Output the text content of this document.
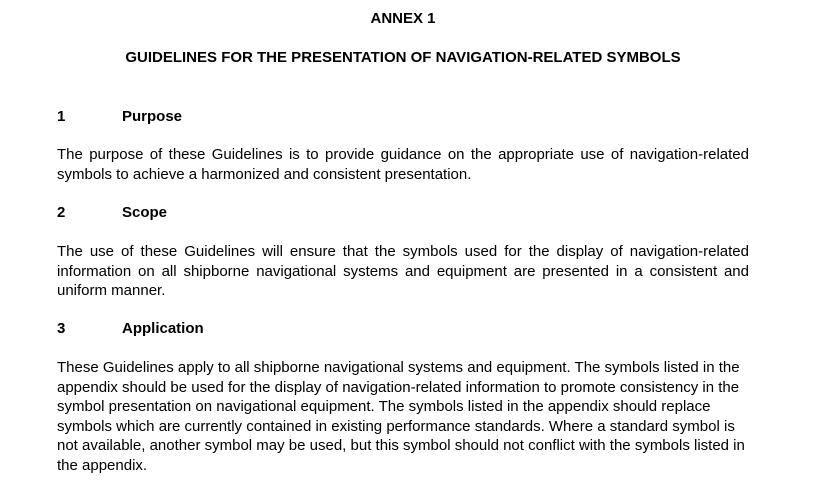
ANNEX 1
GUIDELINES FOR THE PRESENTATION OF NAVIGATION-RELATED SYMBOLS
1	Purpose
The purpose of these Guidelines is to provide guidance on the appropriate use of navigation-related symbols to achieve a harmonized and consistent presentation.
2	Scope
The use of these Guidelines will ensure that the symbols used for the display of navigation-related information on all shipborne navigational systems and equipment are presented in a consistent and uniform manner.
3	Application
These Guidelines apply to all shipborne navigational systems and equipment. The symbols listed in the appendix should be used for the display of navigation-related information to promote consistency in the symbol presentation on navigational equipment. The symbols listed in the appendix should replace symbols which are currently contained in existing performance standards. Where a standard symbol is not available, another symbol may be used, but this symbol should not conflict with the symbols listed in the appendix.
